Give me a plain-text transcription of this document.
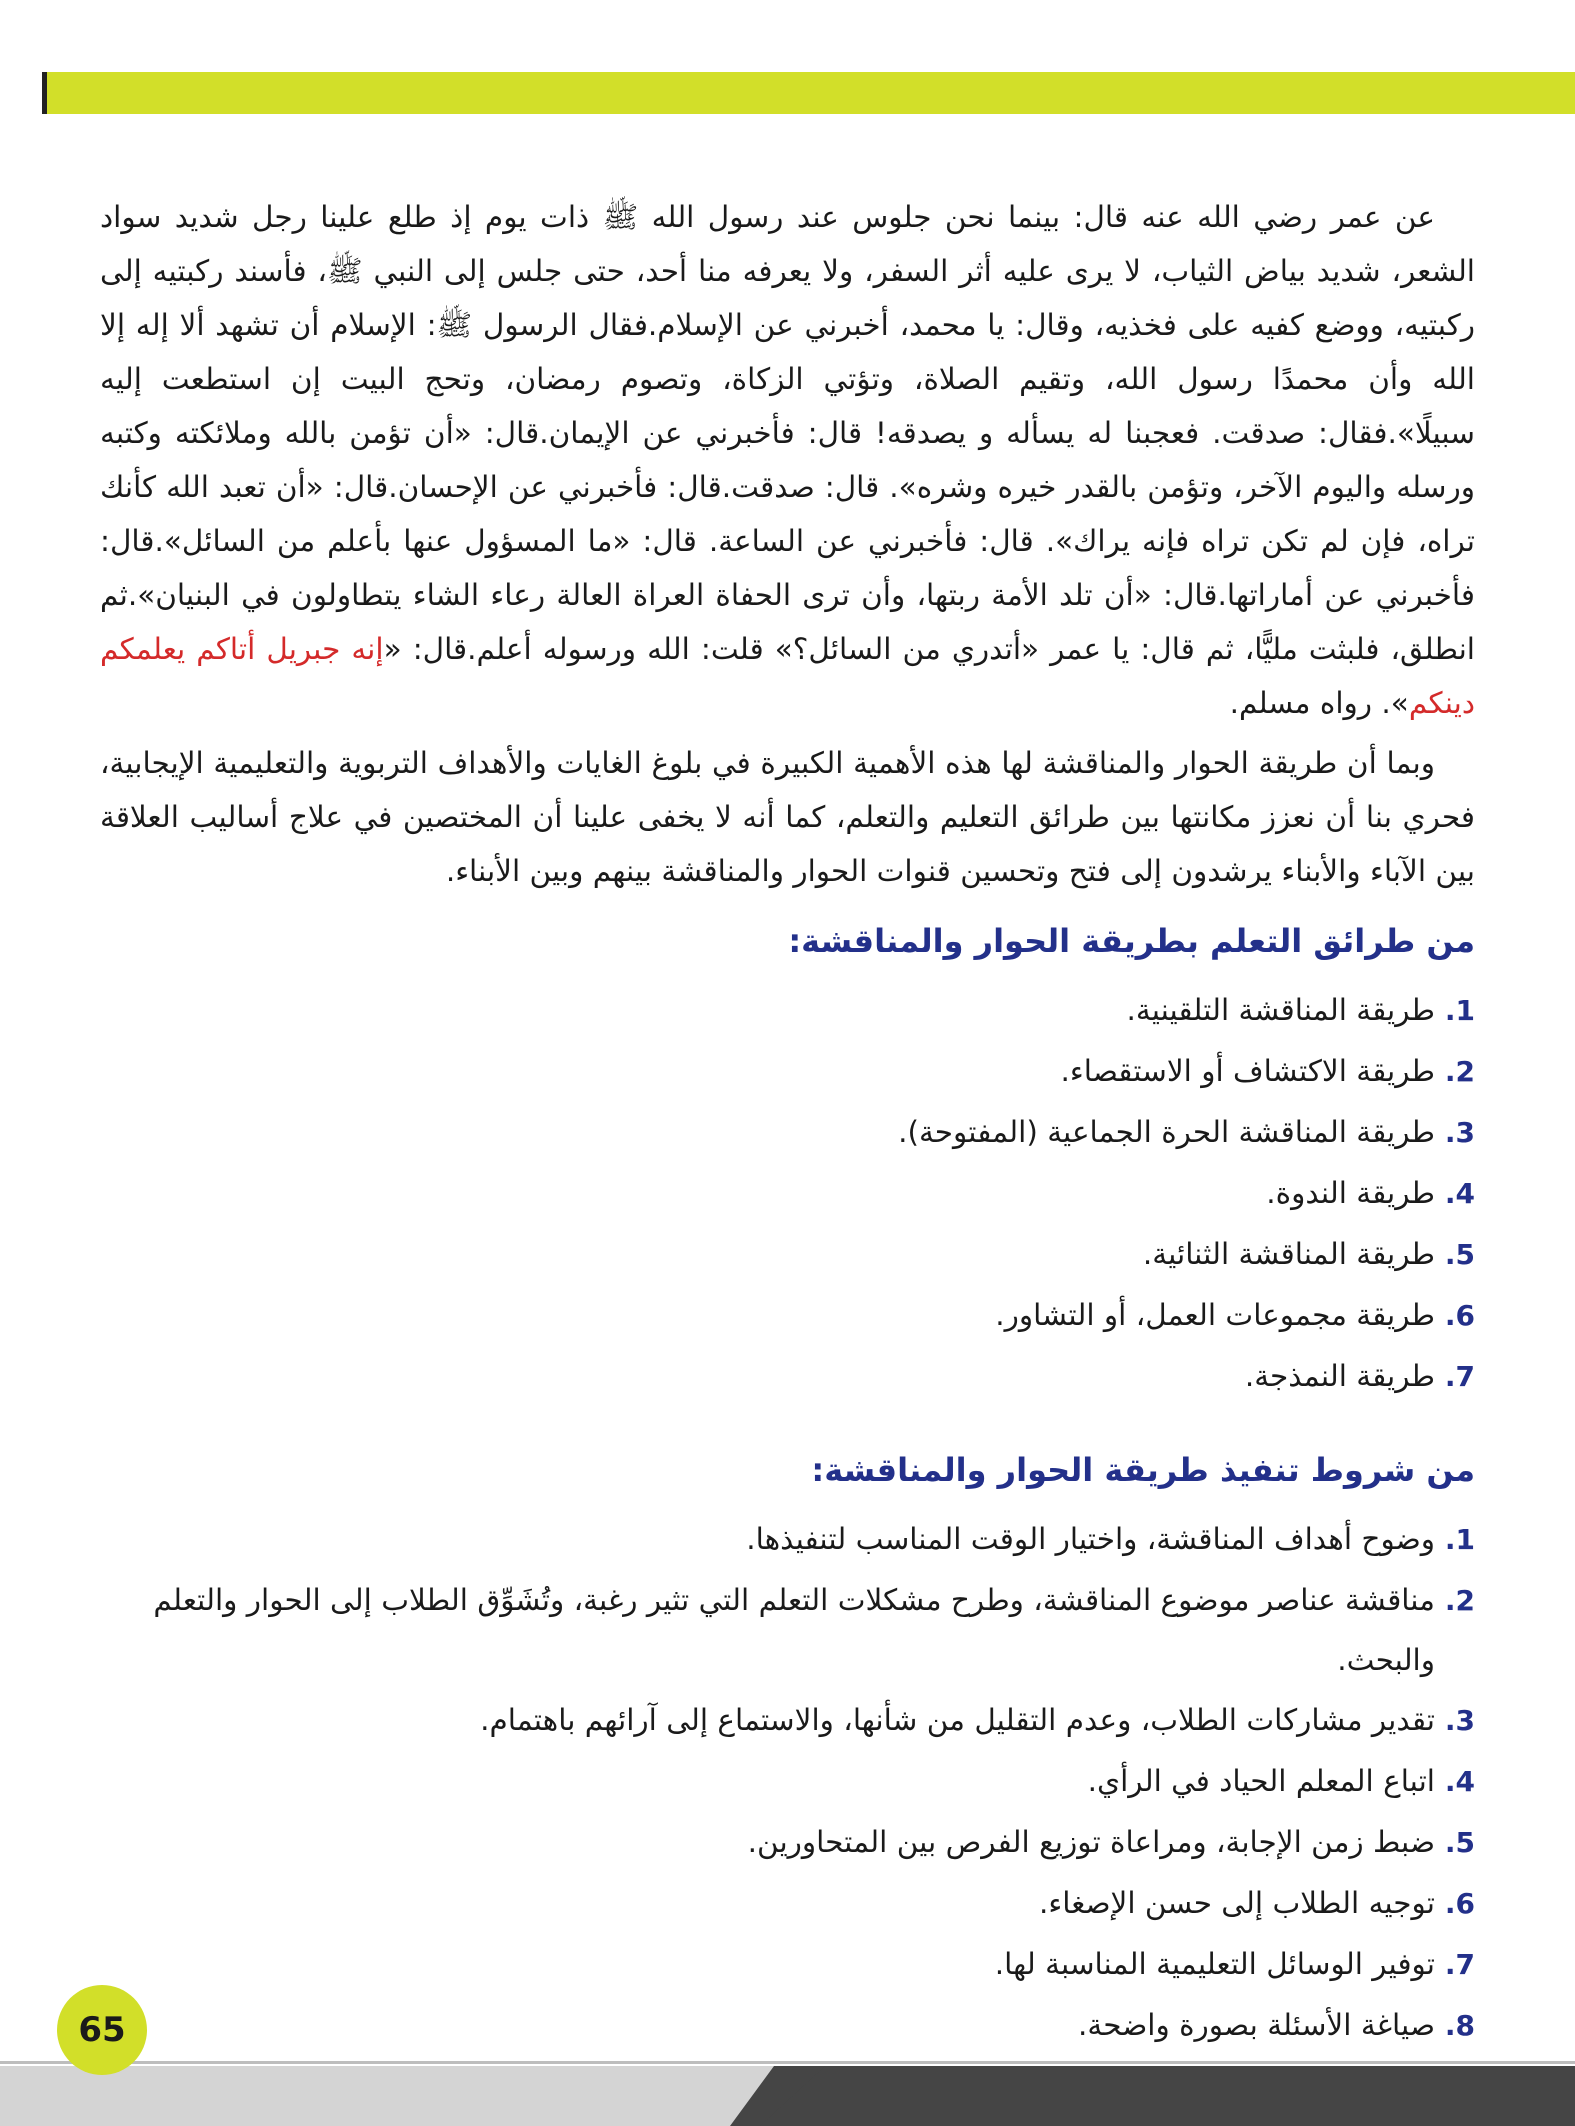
عن عمر رضي الله عنه قال: بينما نحن جلوس عند رسول الله ﷺ ذات يوم إذ طلع علينا رجل شديد سواد الشعر، شديد بياض الثياب، لا يرى عليه أثر السفر، ولا يعرفه منا أحد، حتى جلس إلى النبي ﷺ، فأسند ركبتيه إلى ركبتيه، ووضع كفيه على فخذيه، وقال: يا محمد، أخبرني عن الإسلام.فقال الرسول ﷺ: الإسلام أن تشهد ألا إله إلا الله وأن محمدًا رسول الله، وتقيم الصلاة، وتؤتي الزكاة، وتصوم رمضان، وتحج البيت إن استطعت إليه سبيلًا».فقال: صدقت. فعجبنا له يسأله و يصدقه! قال: فأخبرني عن الإيمان.قال: «أن تؤمن بالله وملائكته وكتبه ورسله واليوم الآخر، وتؤمن بالقدر خيره وشره». قال: صدقت.قال: فأخبرني عن الإحسان.قال: «أن تعبد الله كأنك تراه، فإن لم تكن تراه فإنه يراك». قال: فأخبرني عن الساعة. قال: «ما المسؤول عنها بأعلم من السائل».قال: فأخبرني عن أماراتها.قال: «أن تلد الأمة ربتها، وأن ترى الحفاة العراة العالة رعاء الشاء يتطاولون في البنيان».ثم انطلق، فلبثت مليًّا، ثم قال: يا عمر «أتدري من السائل؟» قلت: الله ورسوله أعلم.قال: «إنه جبريل أتاكم يعلمكم دينكم». رواه مسلم.

وبما أن طريقة الحوار والمناقشة لها هذه الأهمية الكبيرة في بلوغ الغايات والأهداف التربوية والتعليمية الإيجابية، فحري بنا أن نعزز مكانتها بين طرائق التعليم والتعلم، كما أنه لا يخفى علينا أن المختصين في علاج أساليب العلاقة بين الآباء والأبناء يرشدون إلى فتح وتحسين قنوات الحوار والمناقشة بينهم وبين الأبناء.

من طرائق التعلم بطريقة الحوار والمناقشة:
1.
طريقة المناقشة التلقينية.
2.
طريقة الاكتشاف أو الاستقصاء.
3.
طريقة المناقشة الحرة الجماعية (المفتوحة).
4.
طريقة الندوة.
5.
طريقة المناقشة الثنائية.
6.
طريقة مجموعات العمل، أو التشاور.
7.
طريقة النمذجة.
من شروط تنفيذ طريقة الحوار والمناقشة:
1.
وضوح أهداف المناقشة، واختيار الوقت المناسب لتنفيذها.
2.
مناقشة عناصر موضوع المناقشة، وطرح مشكلات التعلم التي تثير رغبة، وتُشَوِّق الطلاب إلى الحوار والتعلم والبحث.
3.
تقدير مشاركات الطلاب، وعدم التقليل من شأنها، والاستماع إلى آرائهم باهتمام.
4.
اتباع المعلم الحياد في الرأي.
5.
ضبط زمن الإجابة، ومراعاة توزيع الفرص بين المتحاورين.
6.
توجيه الطلاب إلى حسن الإصغاء.
7.
توفير الوسائل التعليمية المناسبة لها.
8.
صياغة الأسئلة بصورة واضحة.
65
